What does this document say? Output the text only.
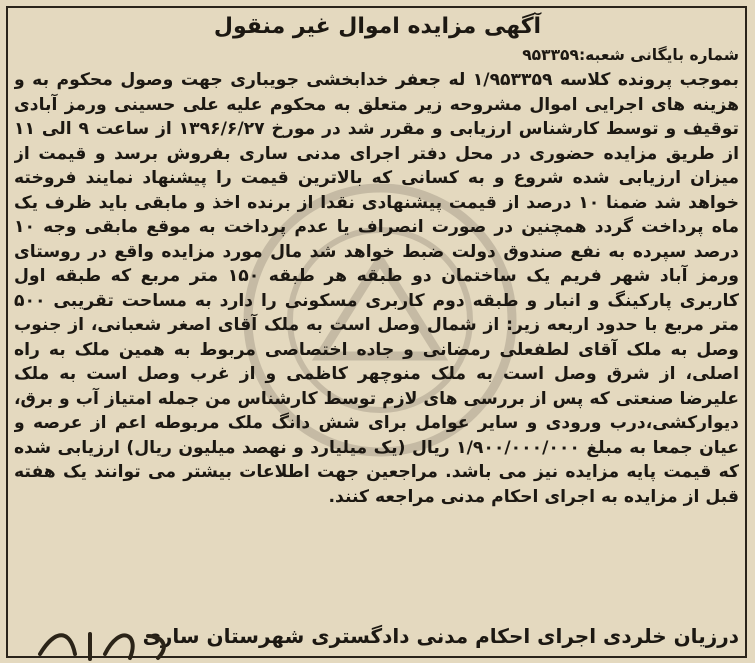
آگهی مزایده اموال غیر منقول
شماره بایگانی شعبه:۹۵۳۳۵۹

بموجب پرونده کلاسه ۱/۹۵۳۳۵۹ له جعفر خدابخشی جویباری جهت وصول محکوم به و هزینه های اجرایی اموال مشروحه زیر متعلق به محکوم علیه علی حسینی ورمز آبادی توقیف و توسط کارشناس ارزیابی و مقرر شد در مورخ ۱۳۹۶/۶/۲۷ از ساعت ۹ الی ۱۱ از طریق مزایده حضوری در محل دفتر اجرای مدنی ساری بفروش برسد و قیمت از میزان ارزیابی شده شروع و به کسانی که بالاترین قیمت را پیشنهاد نمایند فروخته خواهد شد ضمنا ۱۰ درصد از قیمت پیشنهادی نقدا از برنده اخذ و مابقی باید ظرف یک ماه پرداخت گردد همچنین در صورت انصراف یا عدم پرداخت به موقع مابقی وجه ۱۰ درصد سپرده به نفع صندوق دولت ضبط خواهد شد مال مورد مزایده واقع در روستای ورمز آباد شهر فریم یک ساختمان دو طبقه هر طبقه ۱۵۰ متر مربع که طبقه اول کاربری پارکینگ و انبار و طبقه دوم کاربری مسکونی را دارد به مساحت تقریبی ۵۰۰ متر مربع با حدود اربعه زیر: از شمال وصل است به ملک آقای اصغر شعبانی، از جنوب وصل به ملک آقای لطفعلی رمضانی و جاده اختصاصی مربوط به همین ملک به راه اصلی، از شرق وصل است به ملک منوچهر کاظمی و از غرب وصل است به ملک علیرضا صنعتی که پس از بررسی های لازم توسط کارشناس من جمله امتیاز آب و برق، دیوارکشی،درب ورودی و سایر عوامل برای شش دانگ ملک مربوطه اعم از عرصه و عیان جمعا به مبلغ ۱/۹۰۰/۰۰۰/۰۰۰ ریال (یک میلیارد و نهصد میلیون ریال) ارزیابی شده که قیمت پایه مزایده نیز می باشد. مراجعین جهت اطلاعات بیشتر می توانند یک هفته قبل از مزایده به اجرای احکام مدنی مراجعه کنند.

درزیان خلردی اجرای احکام مدنی دادگستری شهرستان ساری
